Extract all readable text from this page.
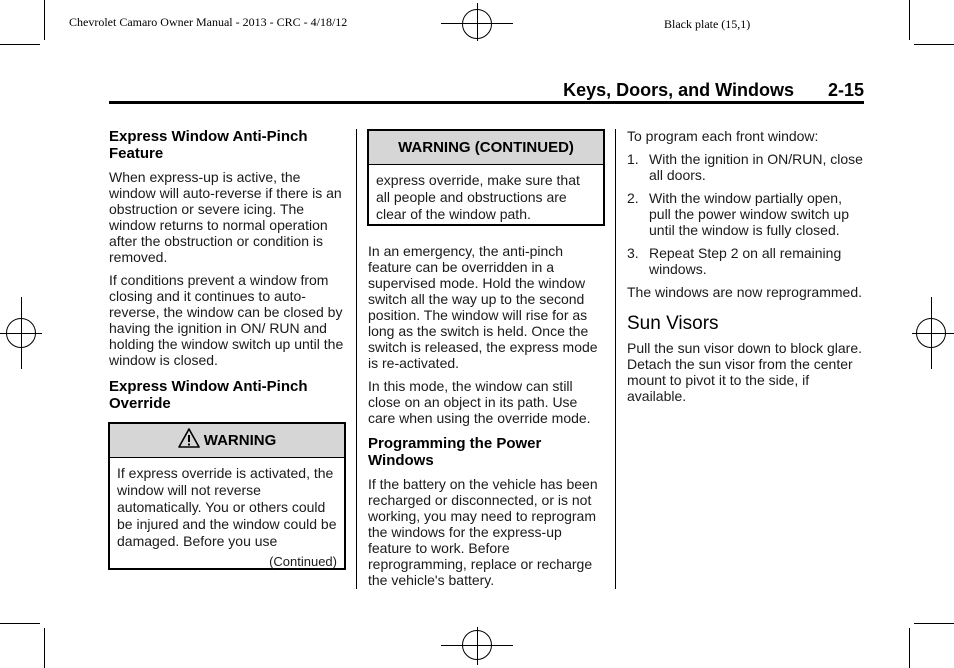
Chevrolet Camaro Owner Manual - 2013 - CRC - 4/18/12	Black plate (15,1)
Keys, Doors, and Windows 2-15

Express Window Anti-Pinch Feature

When express-up is active, the window will auto-reverse if there is an obstruction or severe icing. The window returns to normal operation after the obstruction or condition is removed.

If conditions prevent a window from closing and it continues to auto-reverse, the window can be closed by having the ignition in ON/ RUN and holding the window switch up until the window is closed.

Express Window Anti-Pinch Override

WARNING

If express override is activated, the window will not reverse automatically. You or others could be injured and the window could be damaged. Before you use

(Continued)

WARNING (CONTINUED)

express override, make sure that all people and obstructions are clear of the window path.

In an emergency, the anti-pinch feature can be overridden in a supervised mode. Hold the window switch all the way up to the second position. The window will rise for as long as the switch is held. Once the switch is released, the express mode is re-activated.

In this mode, the window can still close on an object in its path. Use care when using the override mode.

Programming the Power Windows

If the battery on the vehicle has been recharged or disconnected, or is not working, you may need to reprogram the windows for the express-up feature to work. Before reprogramming, replace or recharge the vehicle's battery.

To program each front window:

1. With the ignition in ON/RUN, close all doors.
2. With the window partially open, pull the power window switch up until the window is fully closed.
3. Repeat Step 2 on all remaining windows.

The windows are now reprogrammed.

Sun Visors

Pull the sun visor down to block glare. Detach the sun visor from the center mount to pivot it to the side, if available.
